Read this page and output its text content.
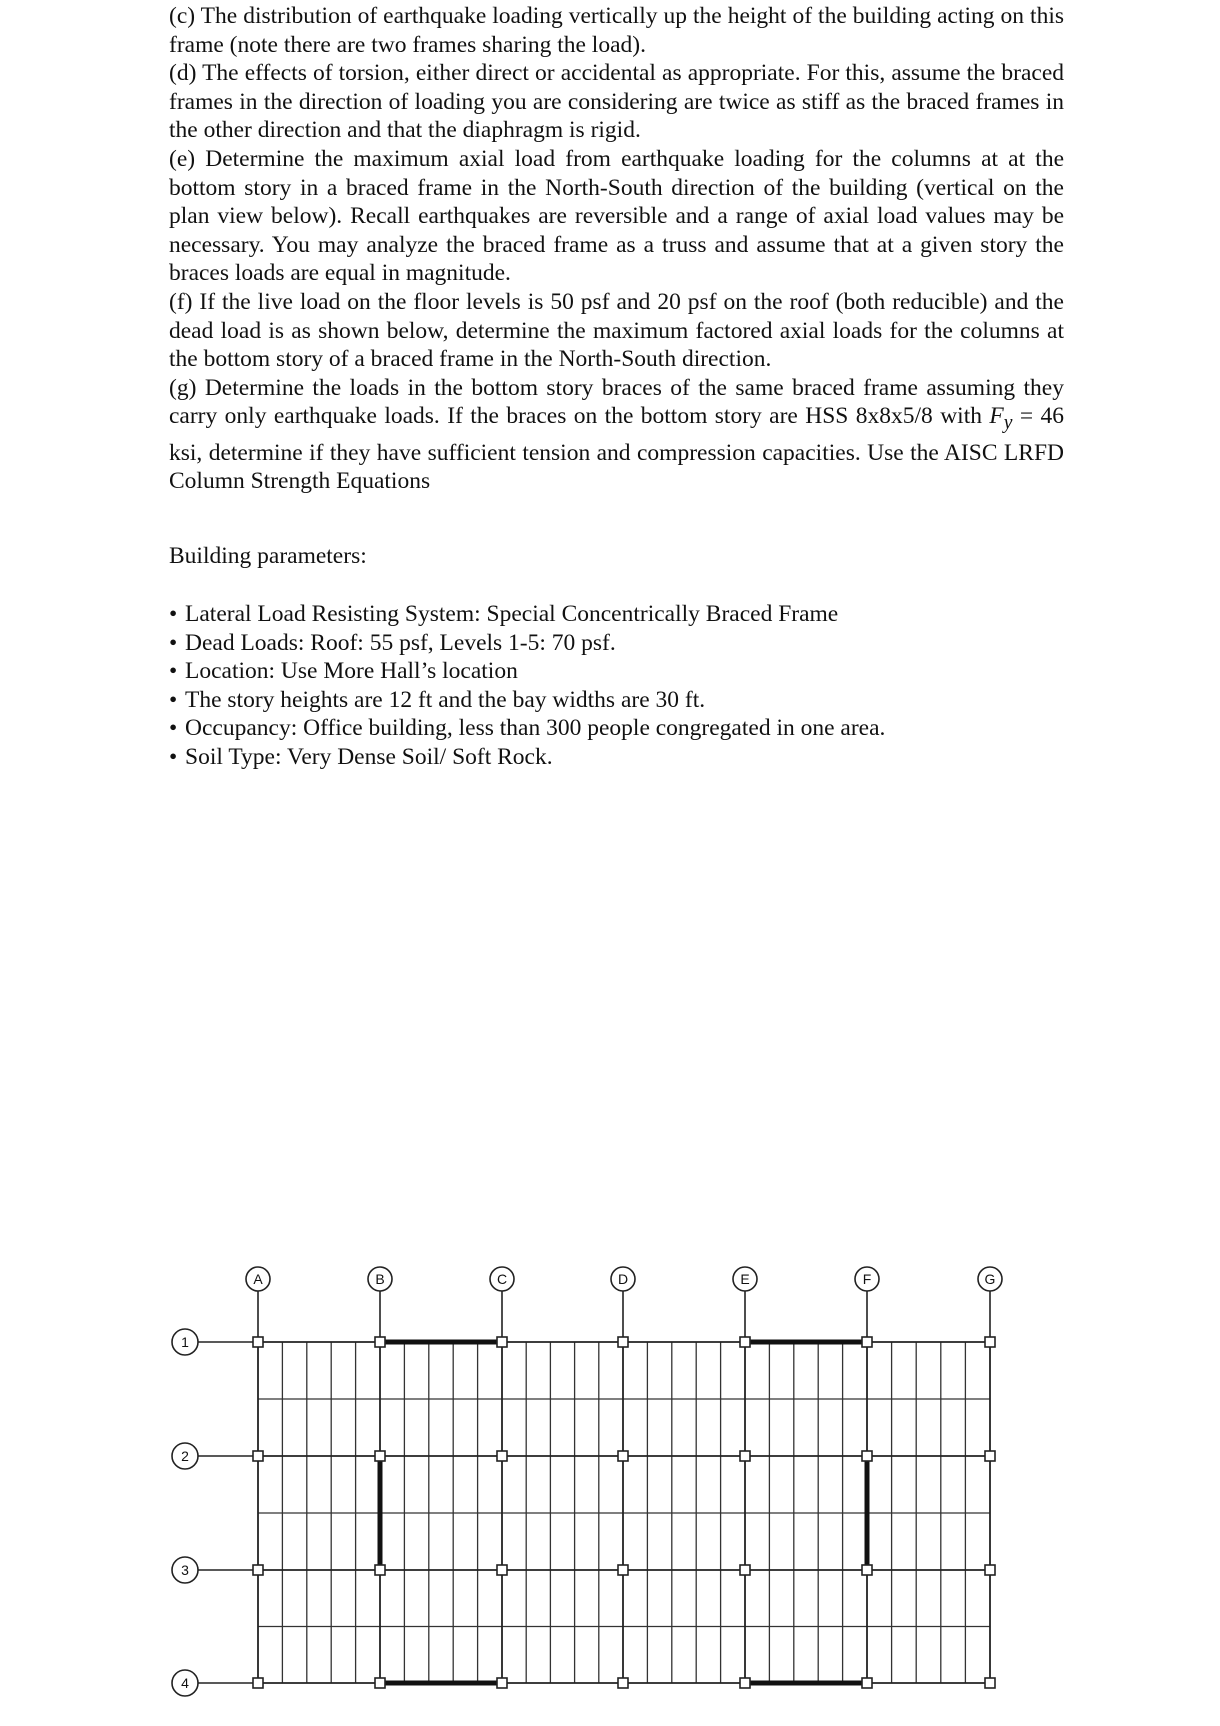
(c) The distribution of earthquake loading vertically up the height of the building acting on this frame (note there are two frames sharing the load).

(d) The effects of torsion, either direct or accidental as appropriate. For this, assume the braced frames in the direction of loading you are considering are twice as stiff as the braced frames in the other direction and that the diaphragm is rigid.

(e) Determine the maximum axial load from earthquake loading for the columns at at the bottom story in a braced frame in the North-South direction of the building (vertical on the plan view below). Recall earthquakes are reversible and a range of axial load values may be necessary. You may analyze the braced frame as a truss and assume that at a given story the braces loads are equal in magnitude.

(f) If the live load on the floor levels is 50 psf and 20 psf on the roof (both reducible) and the dead load is as shown below, determine the maximum factored axial loads for the columns at the bottom story of a braced frame in the North-South direction.

(g) Determine the loads in the bottom story braces of the same braced frame assuming they carry only earthquake loads. If the braces on the bottom story are HSS 8x8x5/8 with $F_y = 46$ ksi, determine if they have sufficient tension and compression capacities. Use the AISC LRFD Column Strength Equations

Building parameters:
• Lateral Load Resisting System: Special Concentrically Braced Frame
• Dead Loads: Roof: 55 psf, Levels 1-5: 70 psf.
• Location: Use More Hall’s location
• The story heights are 12 ft and the bay widths are 30 ft.
• Occupancy: Office building, less than 300 people congregated in one area.
• Soil Type: Very Dense Soil/ Soft Rock.
A	B	C	D	E	F	G
1
2
3
4
